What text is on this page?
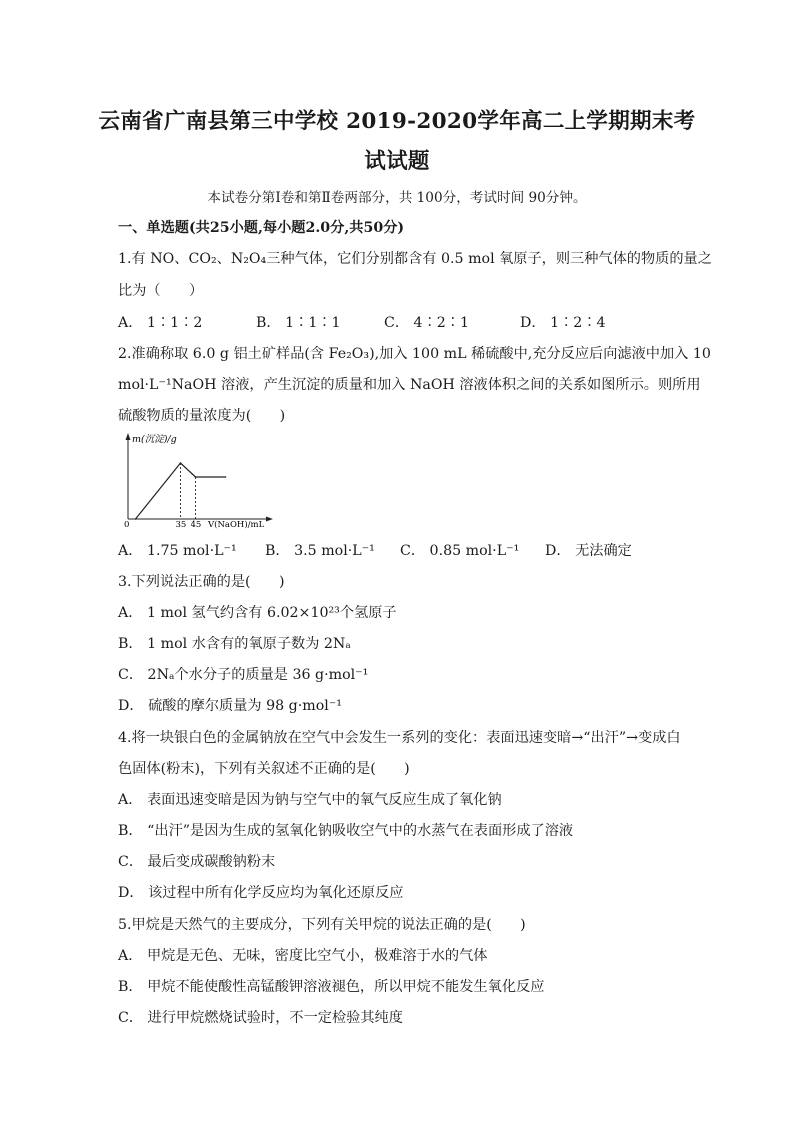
云南省广南县第三中学校 2019-2020学年高二上学期期末考
试试题
本试卷分第Ⅰ卷和第Ⅱ卷两部分，共 100分，考试时间 90分钟。
一、单选题(共25小题,每小题2.0分,共50分)
1.有 NO、CO₂、N₂O₄三种气体，它们分别都含有 0.5 mol 氧原子，则三种气体的物质的量之
比为（　　）
A． 1∶1∶2	B． 1∶1∶1	C． 4∶2∶1	D． 1∶2∶4
2.准确称取 6.0 g 铝土矿样品(含 Fe₂O₃),加入 100 mL 稀硫酸中,充分反应后向滤液中加入 10
mol·L⁻¹NaOH 溶液，产生沉淀的质量和加入 NaOH 溶液体积之间的关系如图所示。则所用
硫酸物质的量浓度为(　　)
m(沉淀)/g
V(NaOH)/mL
0	35 45
A． 1.75 mol·L⁻¹ B． 3.5 mol·L⁻¹ C． 0.85 mol·L⁻¹ D． 无法确定
3.下列说法正确的是(　　)
A． 1 mol 氢气约含有 6.02×10²³个氢原子
B． 1 mol 水含有的氧原子数为 2Nₐ
C． 2Nₐ个水分子的质量是 36 g·mol⁻¹
D． 硫酸的摩尔质量为 98 g·mol⁻¹
4.将一块银白色的金属钠放在空气中会发生一系列的变化：表面迅速变暗→“出汗”→变成白
色固体(粉末)，下列有关叙述不正确的是(　　)
A． 表面迅速变暗是因为钠与空气中的氧气反应生成了氧化钠
B． “出汗”是因为生成的氢氧化钠吸收空气中的水蒸气在表面形成了溶液
C． 最后变成碳酸钠粉末
D． 该过程中所有化学反应均为氧化还原反应
5.甲烷是天然气的主要成分，下列有关甲烷的说法正确的是(　　)
A． 甲烷是无色、无味，密度比空气小，极难溶于水的气体
B． 甲烷不能使酸性高锰酸钾溶液褪色，所以甲烷不能发生氧化反应
C． 进行甲烷燃烧试验时，不一定检验其纯度
